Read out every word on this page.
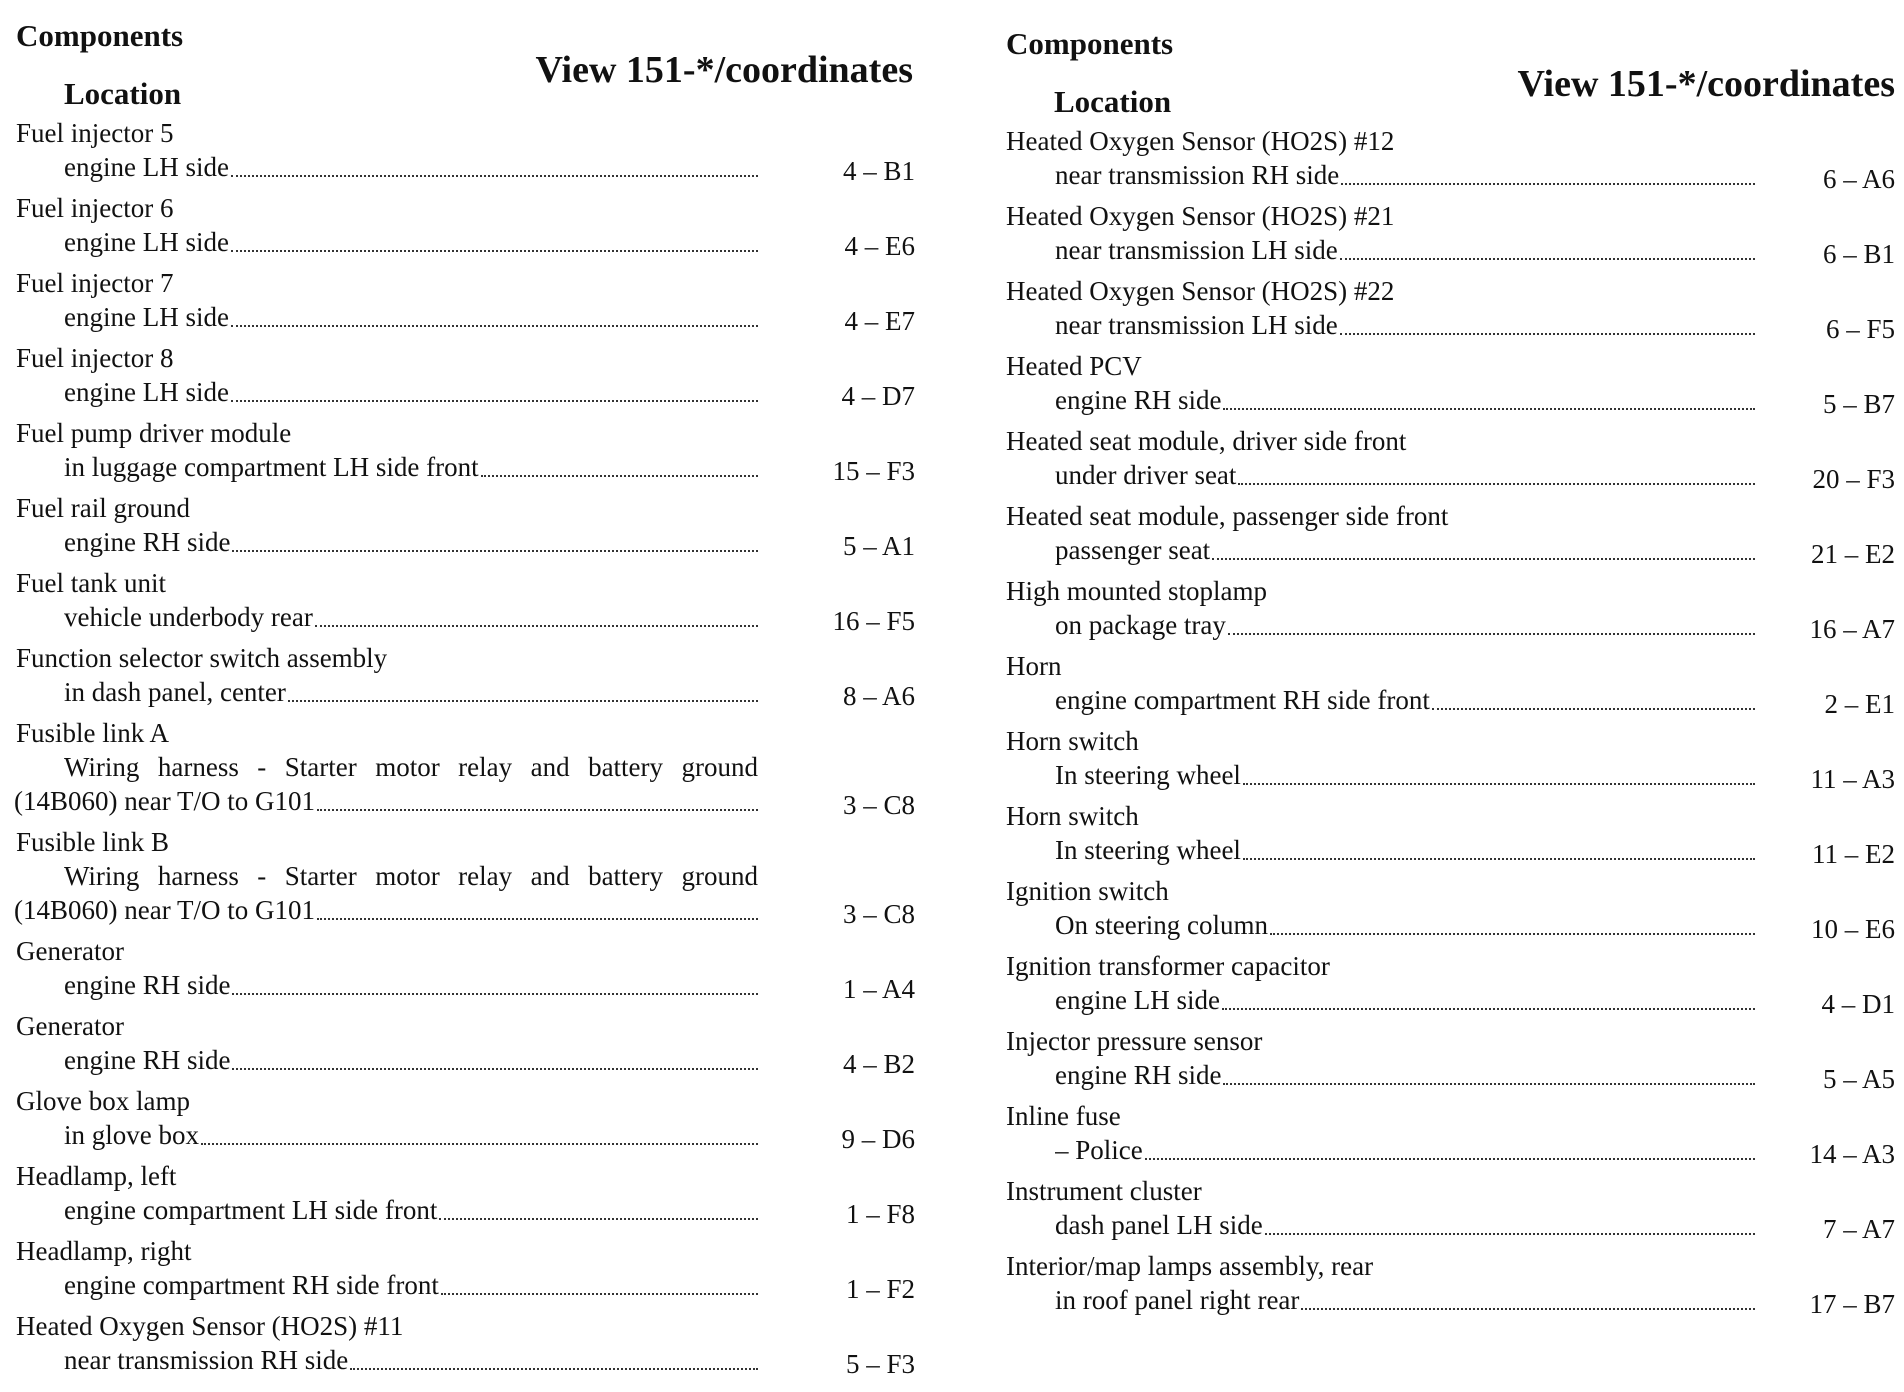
Components
Location
View 151-*/coordinates
Fuel injector 5
engine LH side	4 – B1
Fuel injector 6
engine LH side	4 – E6
Fuel injector 7
engine LH side	4 – E7
Fuel injector 8
engine LH side	4 – D7
Fuel pump driver module
in luggage compartment LH side front	15 – F3
Fuel rail ground
engine RH side	5 – A1
Fuel tank unit
vehicle underbody rear	16 – F5
Function selector switch assembly
in dash panel, center	8 – A6
Fusible link A
Wiring harness - Starter motor relay and battery ground
(14B060) near T/O to G101	3 – C8
Fusible link B
Wiring harness - Starter motor relay and battery ground
(14B060) near T/O to G101	3 – C8
Generator
engine RH side	1 – A4
Generator
engine RH side	4 – B2
Glove box lamp
in glove box	9 – D6
Headlamp, left
engine compartment LH side front	1 – F8
Headlamp, right
engine compartment RH side front	1 – F2
Heated Oxygen Sensor (HO2S) #11
near transmission RH side	5 – F3
Components
Location	View 151-*/coordinates
Heated Oxygen Sensor (HO2S) #12
near transmission RH side	6 – A6
Heated Oxygen Sensor (HO2S) #21
near transmission LH side	6 – B1
Heated Oxygen Sensor (HO2S) #22
near transmission LH side	6 – F5
Heated PCV
engine RH side	5 – B7
Heated seat module, driver side front
under driver seat	20 – F3
Heated seat module, passenger side front
passenger seat	21 – E2
High mounted stoplamp
on package tray	16 – A7
Horn
engine compartment RH side front	2 – E1
Horn switch
In steering wheel	11 – A3
Horn switch
In steering wheel	11 – E2
Ignition switch
On steering column	10 – E6
Ignition transformer capacitor
engine LH side	4 – D1
Injector pressure sensor
engine RH side	5 – A5
Inline fuse
– Police	14 – A3
Instrument cluster
dash panel LH side	7 – A7
Interior/map lamps assembly, rear
in roof panel right rear	17 – B7
